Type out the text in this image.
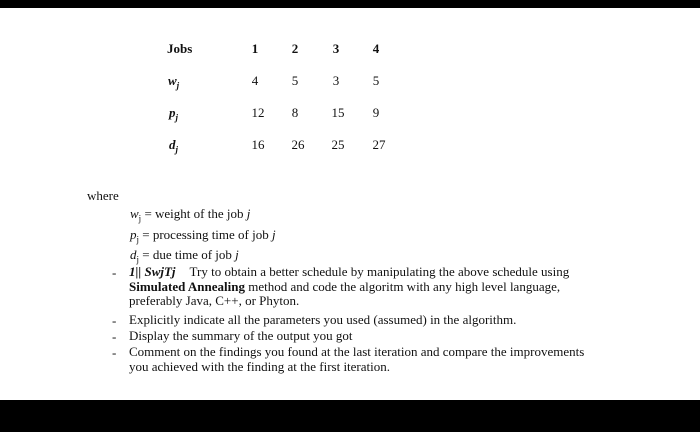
Jobs	1	2	3	4
$w_j$	4	5	3	5
$p_j$	12	8	15	9
$d_j$	16	26	25	27
where
$w_j$ = weight of the job j
$p_j$ = processing time of job j
$d_j$ = due time of job j
- 1|| SwjTj Try to obtain a better schedule by manipulating the above schedule using
Simulated Annealing method and code the algoritm with any high level language,
preferably Java, C++, or Phyton.
- Explicitly indicate all the parameters you used (assumed) in the algorithm.
- Display the summary of the output you got
- Comment on the findings you found at the last iteration and compare the improvements
you achieved with the finding at the first iteration.
